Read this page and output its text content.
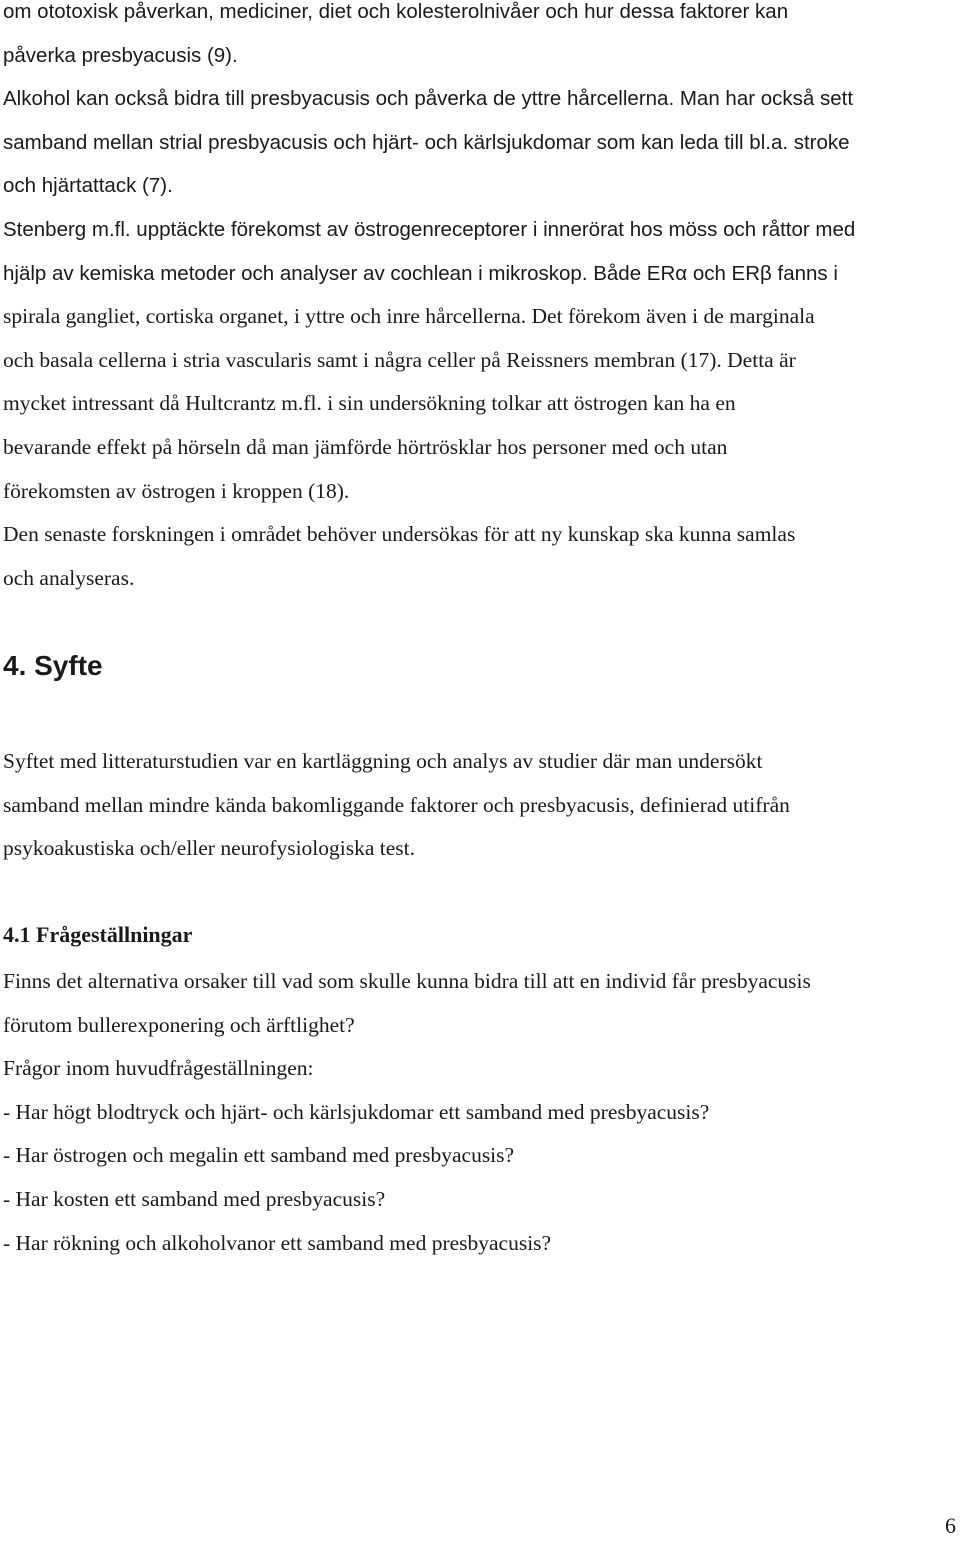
om ototoxisk påverkan, mediciner, diet och kolesterolnivåer och hur dessa faktorer kan
påverka presbyacusis (9).
Alkohol kan också bidra till presbyacusis och påverka de yttre hårcellerna. Man har också sett
samband mellan strial presbyacusis och hjärt- och kärlsjukdomar som kan leda till bl.a. stroke
och hjärtattack (7).
Stenberg m.fl. upptäckte förekomst av östrogenreceptorer i innerörat hos möss och råttor med
hjälp av kemiska metoder och analyser av cochlean i mikroskop. Både ERα och ERβ fanns i
spirala gangliet, cortiska organet, i yttre och inre hårcellerna. Det förekom även i de marginala
och basala cellerna i stria vascularis samt i några celler på Reissners membran (17). Detta är
mycket intressant då Hultcrantz m.fl. i sin undersökning tolkar att östrogen kan ha en
bevarande effekt på hörseln då man jämförde hörtrösklar hos personer med och utan
förekomsten av östrogen i kroppen (18).
Den senaste forskningen i området behöver undersökas för att ny kunskap ska kunna samlas
och analyseras.
4. Syfte
Syftet med litteraturstudien var en kartläggning och analys av studier där man undersökt
samband mellan mindre kända bakomliggande faktorer och presbyacusis, definierad utifrån
psykoakustiska och/eller neurofysiologiska test.
4.1 Frågeställningar
Finns det alternativa orsaker till vad som skulle kunna bidra till att en individ får presbyacusis
förutom bullerexponering och ärftlighet?
Frågor inom huvudfrågeställningen:
- Har högt blodtryck och hjärt- och kärlsjukdomar ett samband med presbyacusis?
- Har östrogen och megalin ett samband med presbyacusis?
- Har kosten ett samband med presbyacusis?
- Har rökning och alkoholvanor ett samband med presbyacusis?
6
